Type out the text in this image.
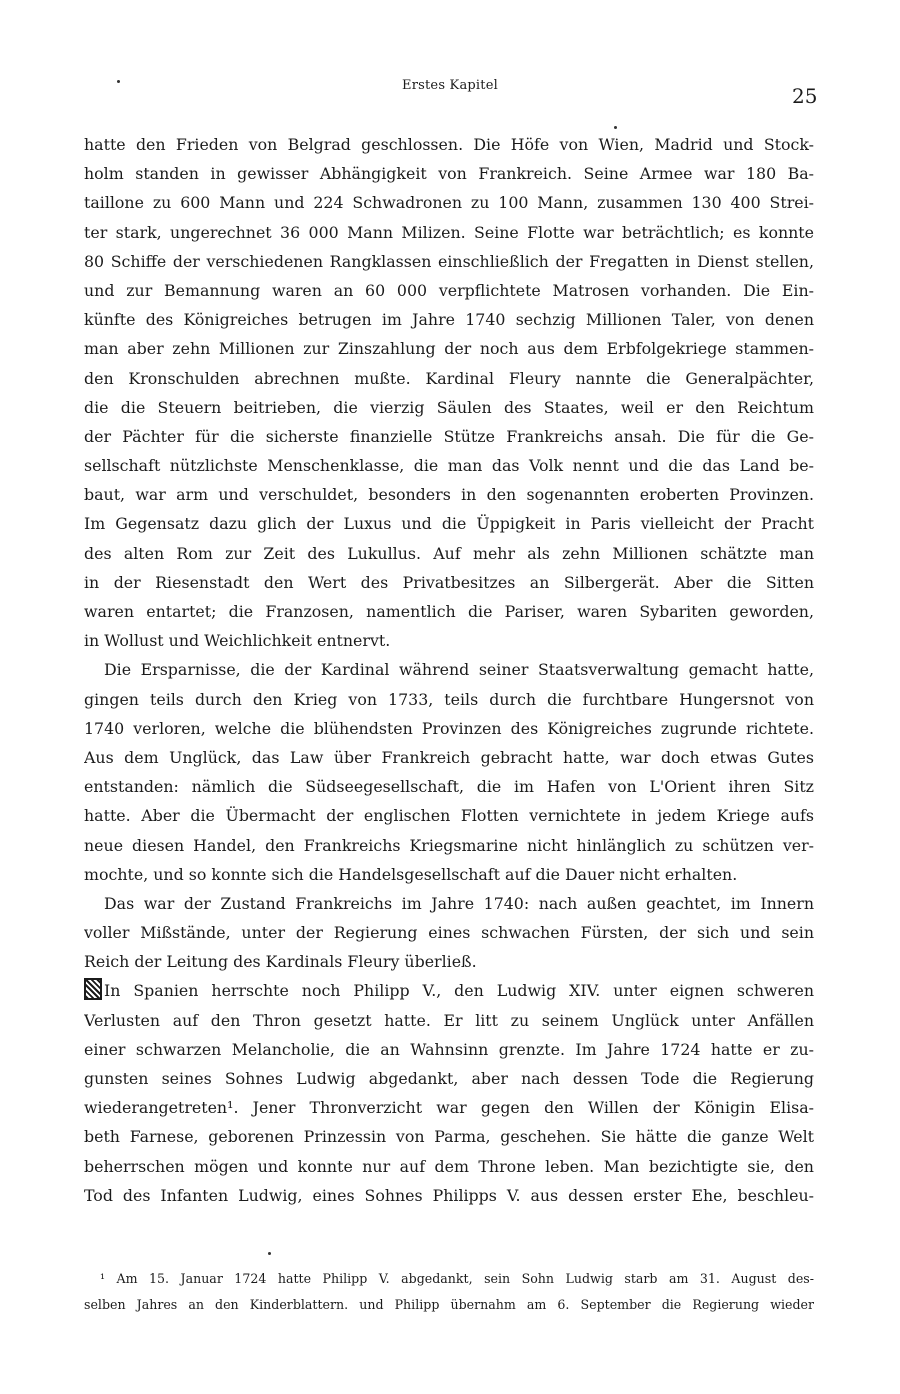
Erstes Kapitel	25
hatte den Frieden von Belgrad geschlossen. Die Höfe von Wien, Madrid und Stock-
holm standen in gewisser Abhängigkeit von Frankreich. Seine Armee war 180 Ba-
taillone zu 600 Mann und 224 Schwadronen zu 100 Mann, zusammen 130 400 Strei-
ter stark, ungerechnet 36 000 Mann Milizen. Seine Flotte war beträchtlich; es konnte
80 Schiffe der verschiedenen Rangklassen einschließlich der Fregatten in Dienst stellen,
und zur Bemannung waren an 60 000 verpflichtete Matrosen vorhanden. Die Ein-
künfte des Königreiches betrugen im Jahre 1740 sechzig Millionen Taler, von denen
man aber zehn Millionen zur Zinszahlung der noch aus dem Erbfolgekriege stammen-
den Kronschulden abrechnen mußte. Kardinal Fleury nannte die Generalpächter,
die die Steuern beitrieben, die vierzig Säulen des Staates, weil er den Reichtum
der Pächter für die sicherste finanzielle Stütze Frankreichs ansah. Die für die Ge-
sellschaft nützlichste Menschenklasse, die man das Volk nennt und die das Land be-
baut, war arm und verschuldet, besonders in den sogenannten eroberten Provinzen.
Im Gegensatz dazu glich der Luxus und die Üppigkeit in Paris vielleicht der Pracht
des alten Rom zur Zeit des Lukullus. Auf mehr als zehn Millionen schätzte man
in der Riesenstadt den Wert des Privatbesitzes an Silbergerät. Aber die Sitten
waren entartet; die Franzosen, namentlich die Pariser, waren Sybariten geworden,
in Wollust und Weichlichkeit entnervt.
Die Ersparnisse, die der Kardinal während seiner Staatsverwaltung gemacht hatte,
gingen teils durch den Krieg von 1733, teils durch die furchtbare Hungersnot von
1740 verloren, welche die blühendsten Provinzen des Königreiches zugrunde richtete.
Aus dem Unglück, das Law über Frankreich gebracht hatte, war doch etwas Gutes
entstanden: nämlich die Südseegesellschaft, die im Hafen von L'Orient ihren Sitz
hatte. Aber die Übermacht der englischen Flotten vernichtete in jedem Kriege aufs
neue diesen Handel, den Frankreichs Kriegsmarine nicht hinlänglich zu schützen ver-
mochte, und so konnte sich die Handelsgesellschaft auf die Dauer nicht erhalten.
Das war der Zustand Frankreichs im Jahre 1740: nach außen geachtet, im Innern
voller Mißstände, unter der Regierung eines schwachen Fürsten, der sich und sein
Reich der Leitung des Kardinals Fleury überließ.
In Spanien herrschte noch Philipp V., den Ludwig XIV. unter eignen schweren
Verlusten auf den Thron gesetzt hatte. Er litt zu seinem Unglück unter Anfällen
einer schwarzen Melancholie, die an Wahnsinn grenzte. Im Jahre 1724 hatte er zu-
gunsten seines Sohnes Ludwig abgedankt, aber nach dessen Tode die Regierung
wiederangetreten¹. Jener Thronverzicht war gegen den Willen der Königin Elisa-
beth Farnese, geborenen Prinzessin von Parma, geschehen. Sie hätte die ganze Welt
beherrschen mögen und konnte nur auf dem Throne leben. Man bezichtigte sie, den
Tod des Infanten Ludwig, eines Sohnes Philipps V. aus dessen erster Ehe, beschleu-
¹ Am 15. Januar 1724 hatte Philipp V. abgedankt, sein Sohn Ludwig starb am 31. August des-
selben Jahres an den Kinderblattern. und Philipp übernahm am 6. September die Regierung wieder
